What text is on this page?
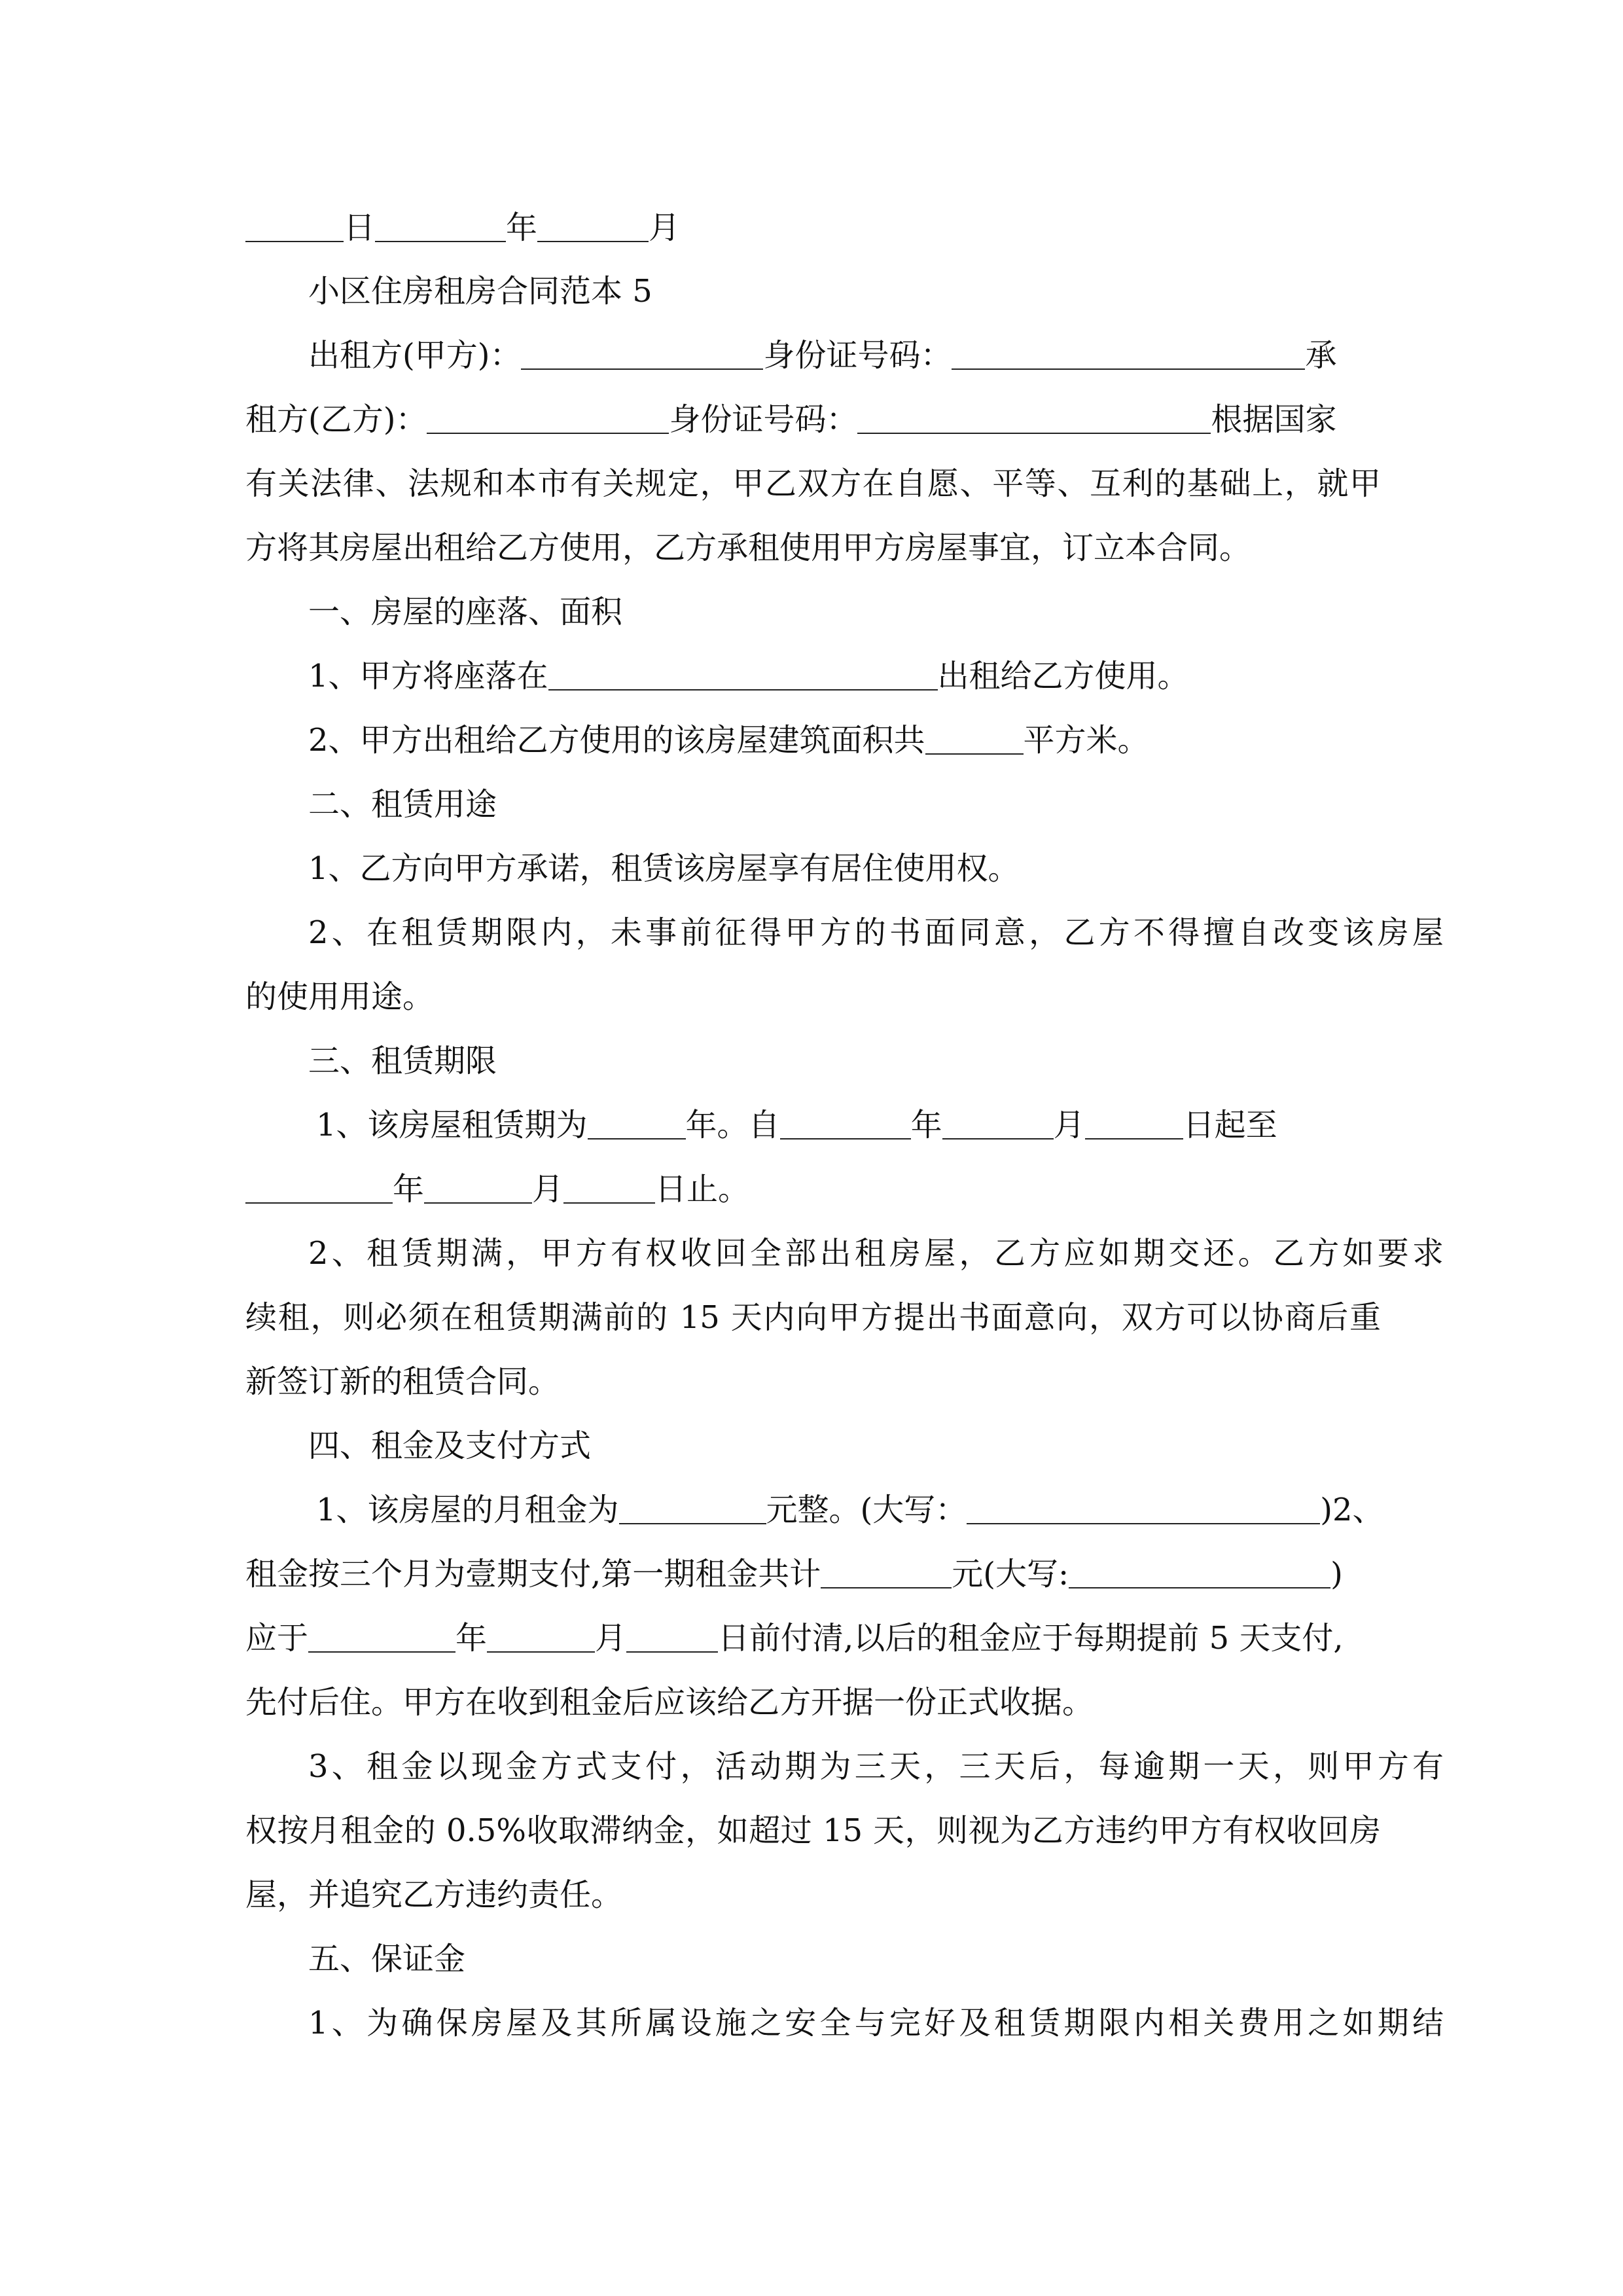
日	年	月
小区住房租房合同范本 5
出租方(甲方)：	身份证号码：	承
租方(乙方)：	身份证号码：	根据国家
有关法律、法规和本市有关规定，甲乙双方在自愿、平等、互利的基础上，就甲
方将其房屋出租给乙方使用，乙方承租使用甲方房屋事宜，订立本合同。
一、房屋的座落、面积
1、甲方将座落在	出租给乙方使用。
2、甲方出租给乙方使用的该房屋建筑面积共	平方米。
二、租赁用途
1、乙方向甲方承诺，租赁该房屋享有居住使用权。
2、在租赁期限内，未事前征得甲方的书面同意，乙方不得擅自改变该房屋
的使用用途。
三、租赁期限
1、该房屋租赁期为	年。自	年	月	日起至
年	月	日止。
2、租赁期满，甲方有权收回全部出租房屋，乙方应如期交还。乙方如要求
续租，则必须在租赁期满前的 15 天内向甲方提出书面意向，双方可以协商后重
新签订新的租赁合同。
四、租金及支付方式
1、该房屋的月租金为	元整。(大写：	)2、
租金按三个月为壹期支付,第一期租金共计	元(大写:	)
应于	年	月	日前付清,以后的租金应于每期提前 5 天支付,
先付后住。甲方在收到租金后应该给乙方开据一份正式收据。
3、租金以现金方式支付，活动期为三天，三天后，每逾期一天，则甲方有
权按月租金的 0.5%收取滞纳金，如超过 15 天，则视为乙方违约甲方有权收回房
屋，并追究乙方违约责任。
五、保证金
1、为确保房屋及其所属设施之安全与完好及租赁期限内相关费用之如期结
